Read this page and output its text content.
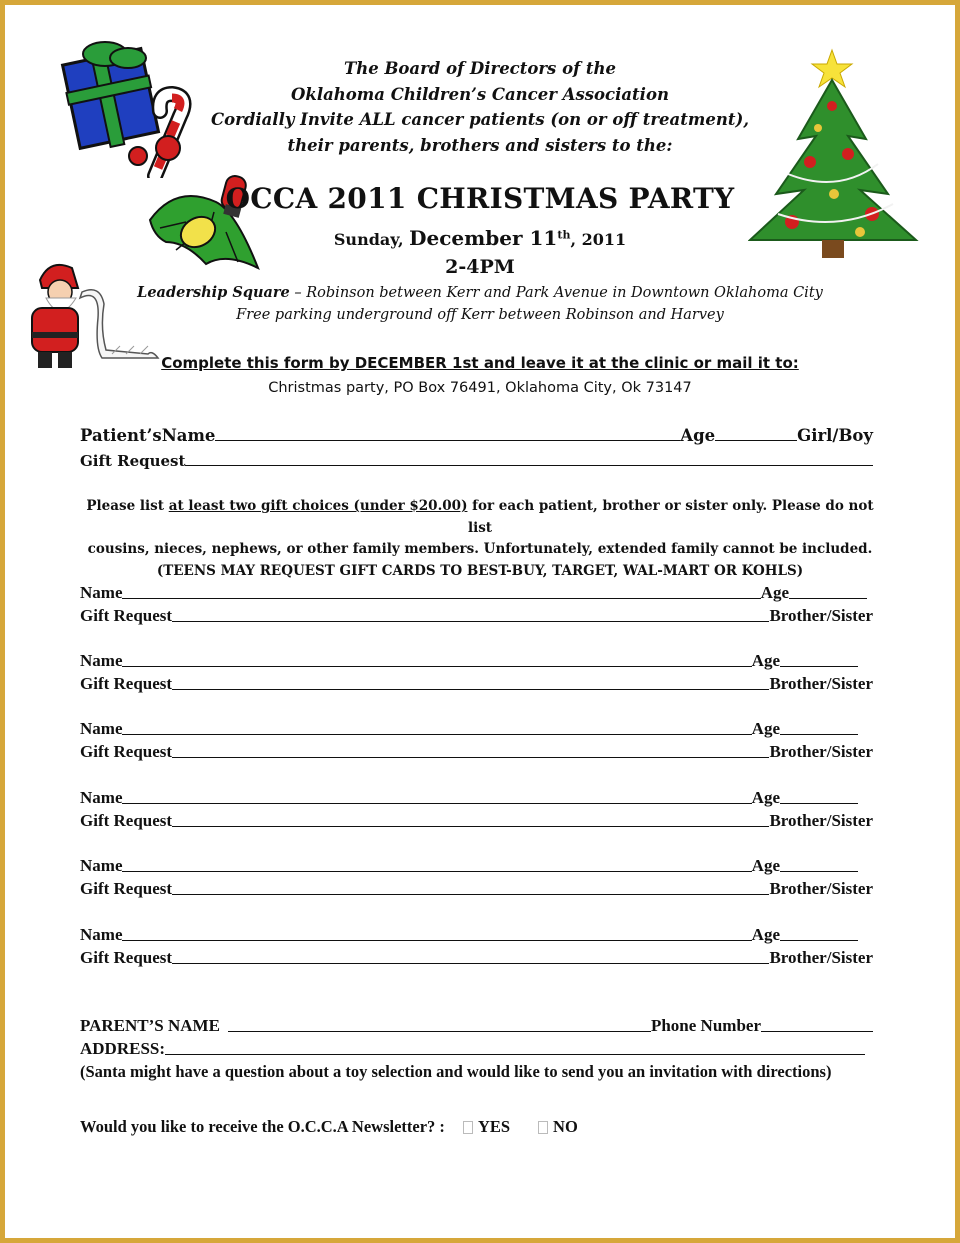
The Board of Directors of the
Oklahoma Children’s Cancer Association
Cordially Invite ALL cancer patients (on or off treatment),
their parents, brothers and sisters to the:
OCCA 2011 CHRISTMAS PARTY
Sunday, December 11th, 2011
2-4PM
Leadership Square – Robinson between Kerr and Park Avenue in Downtown Oklahoma City
Free parking underground off Kerr between Robinson and Harvey
Complete this form by DECEMBER 1st and leave it at the clinic or mail it to:
Christmas party, PO Box 76491, Oklahoma City, Ok 73147
Patient’sName	Age	Girl/Boy
Gift Request
Please list at least two gift choices (under $20.00) for each patient, brother or sister only. Please do not list
cousins, nieces, nephews, or other family members. Unfortunately, extended family cannot be included.
(TEENS MAY REQUEST GIFT CARDS TO BEST-BUY, TARGET, WAL-MART OR KOHLS)
Name	Age
Gift Request	Brother/Sister
Name	Age
Gift Request	Brother/Sister
Name	Age
Gift Request	Brother/Sister
Name	Age
Gift Request	Brother/Sister
Name	Age
Gift Request	Brother/Sister
Name	Age
Gift Request	Brother/Sister
PARENT’S NAME	Phone Number
ADDRESS:
(Santa might have a question about a toy selection and would like to send you an invitation with directions)
Would you like to receive the O.C.C.A Newsletter? : YES	NO
